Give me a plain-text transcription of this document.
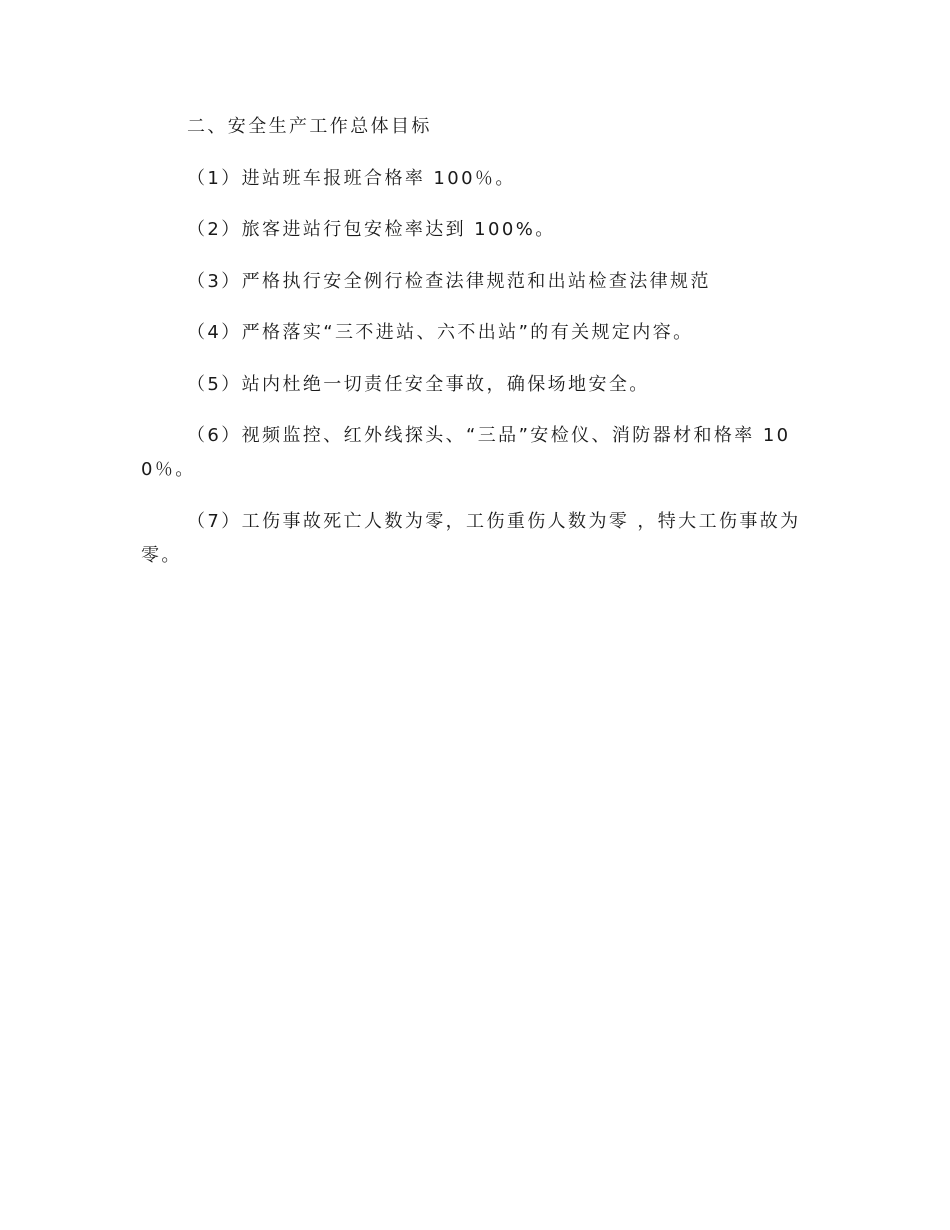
二、安全生产工作总体目标

（1）进站班车报班合格率 100％。

（2）旅客进站行包安检率达到 100%。

（3）严格执行安全例行检查法律规范和出站检查法律规范

（4）严格落实“三不进站、六不出站”的有关规定内容。

（5）站内杜绝一切责任安全事故，确保场地安全。

（6）视频监控、红外线探头、“三品”安检仪、消防器材和格率 100％。

（7）工伤事故死亡人数为零，工伤重伤人数为零 ，特大工伤事故为零。
